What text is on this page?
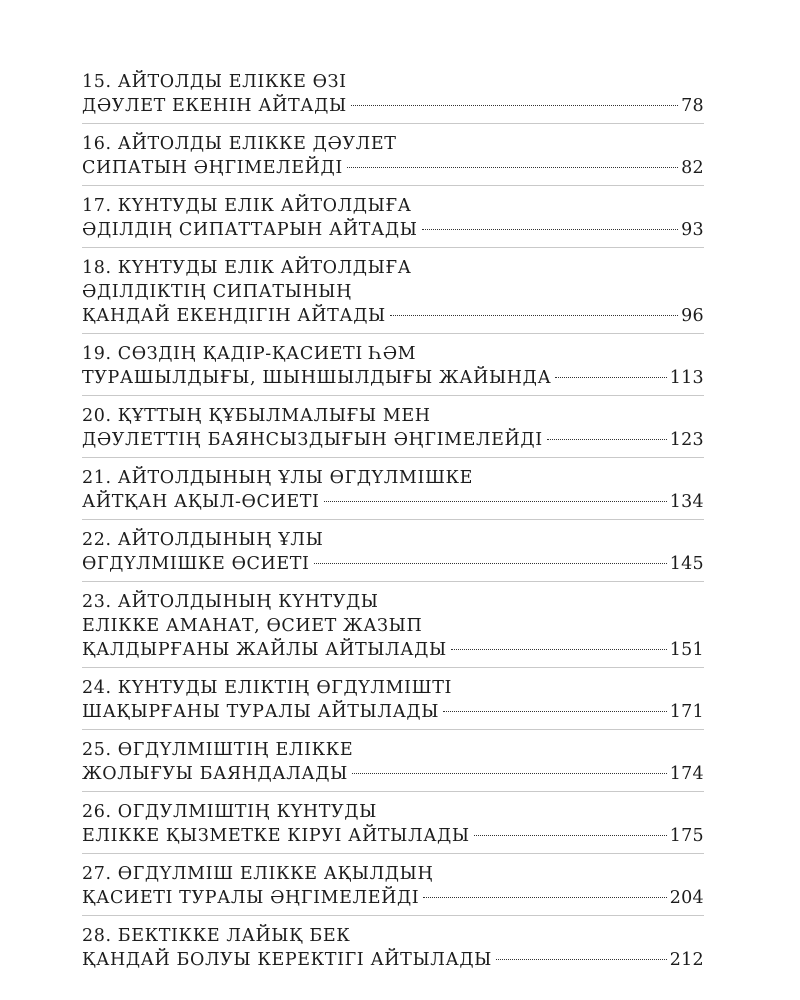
15. АЙТОЛДЫ ЕЛІККЕ ӨЗІ
ДӘУЛЕТ ЕКЕНІН АЙТАДЫ	78
16. АЙТОЛДЫ ЕЛІККЕ ДӘУЛЕТ
СИПАТЫН ӘҢГІМЕЛЕЙДІ	82
17. КҮНТУДЫ ЕЛІК АЙТОЛДЫҒА
ӘДІЛДІҢ СИПАТТАРЫН АЙТАДЫ	93
18. КҮНТУДЫ ЕЛІК АЙТОЛДЫҒА
ӘДІЛДІКТІҢ СИПАТЫНЫҢ
ҚАНДАЙ ЕКЕНДІГІН АЙТАДЫ	96
19. СӨЗДІҢ ҚАДІР-ҚАСИЕТІ ҺӘМ
ТУРАШЫЛДЫҒЫ, ШЫНШЫЛДЫҒЫ ЖАЙЫНДА	113
20. ҚҰТТЫҢ ҚҰБЫЛМАЛЫҒЫ МЕН
ДӘУЛЕТТІҢ БАЯНСЫЗДЫҒЫН ӘҢГІМЕЛЕЙДІ	123
21. АЙТОЛДЫНЫҢ ҰЛЫ ӨГДҮЛМІШКЕ
АЙТҚАН АҚЫЛ-ӨСИЕТІ	134
22. АЙТОЛДЫНЫҢ ҰЛЫ
ӨГДҮЛМІШКЕ ӨСИЕТІ	145
23. АЙТОЛДЫНЫҢ КҮНТУДЫ
ЕЛІККЕ АМАНАТ, ӨСИЕТ ЖАЗЫП
ҚАЛДЫРҒАНЫ ЖАЙЛЫ АЙТЫЛАДЫ	151
24. КҮНТУДЫ ЕЛІКТІҢ ӨГДҮЛМІШТІ
ШАҚЫРҒАНЫ ТУРАЛЫ АЙТЫЛАДЫ	171
25. ӨГДҮЛМІШТІҢ ЕЛІККЕ
ЖОЛЫҒУЫ БАЯНДАЛАДЫ	174
26. ОГДУЛМІШТІҢ КҮНТУДЫ
ЕЛІККЕ ҚЫЗМЕТКЕ КІРУІ АЙТЫЛАДЫ	175
27. ӨГДҮЛМІШ ЕЛІККЕ АҚЫЛДЫҢ
ҚАСИЕТІ ТУРАЛЫ ӘҢГІМЕЛЕЙДІ	204
28. БЕКТІККЕ ЛАЙЫҚ БЕК
ҚАНДАЙ БОЛУЫ КЕРЕКТІГІ АЙТЫЛАДЫ	212
